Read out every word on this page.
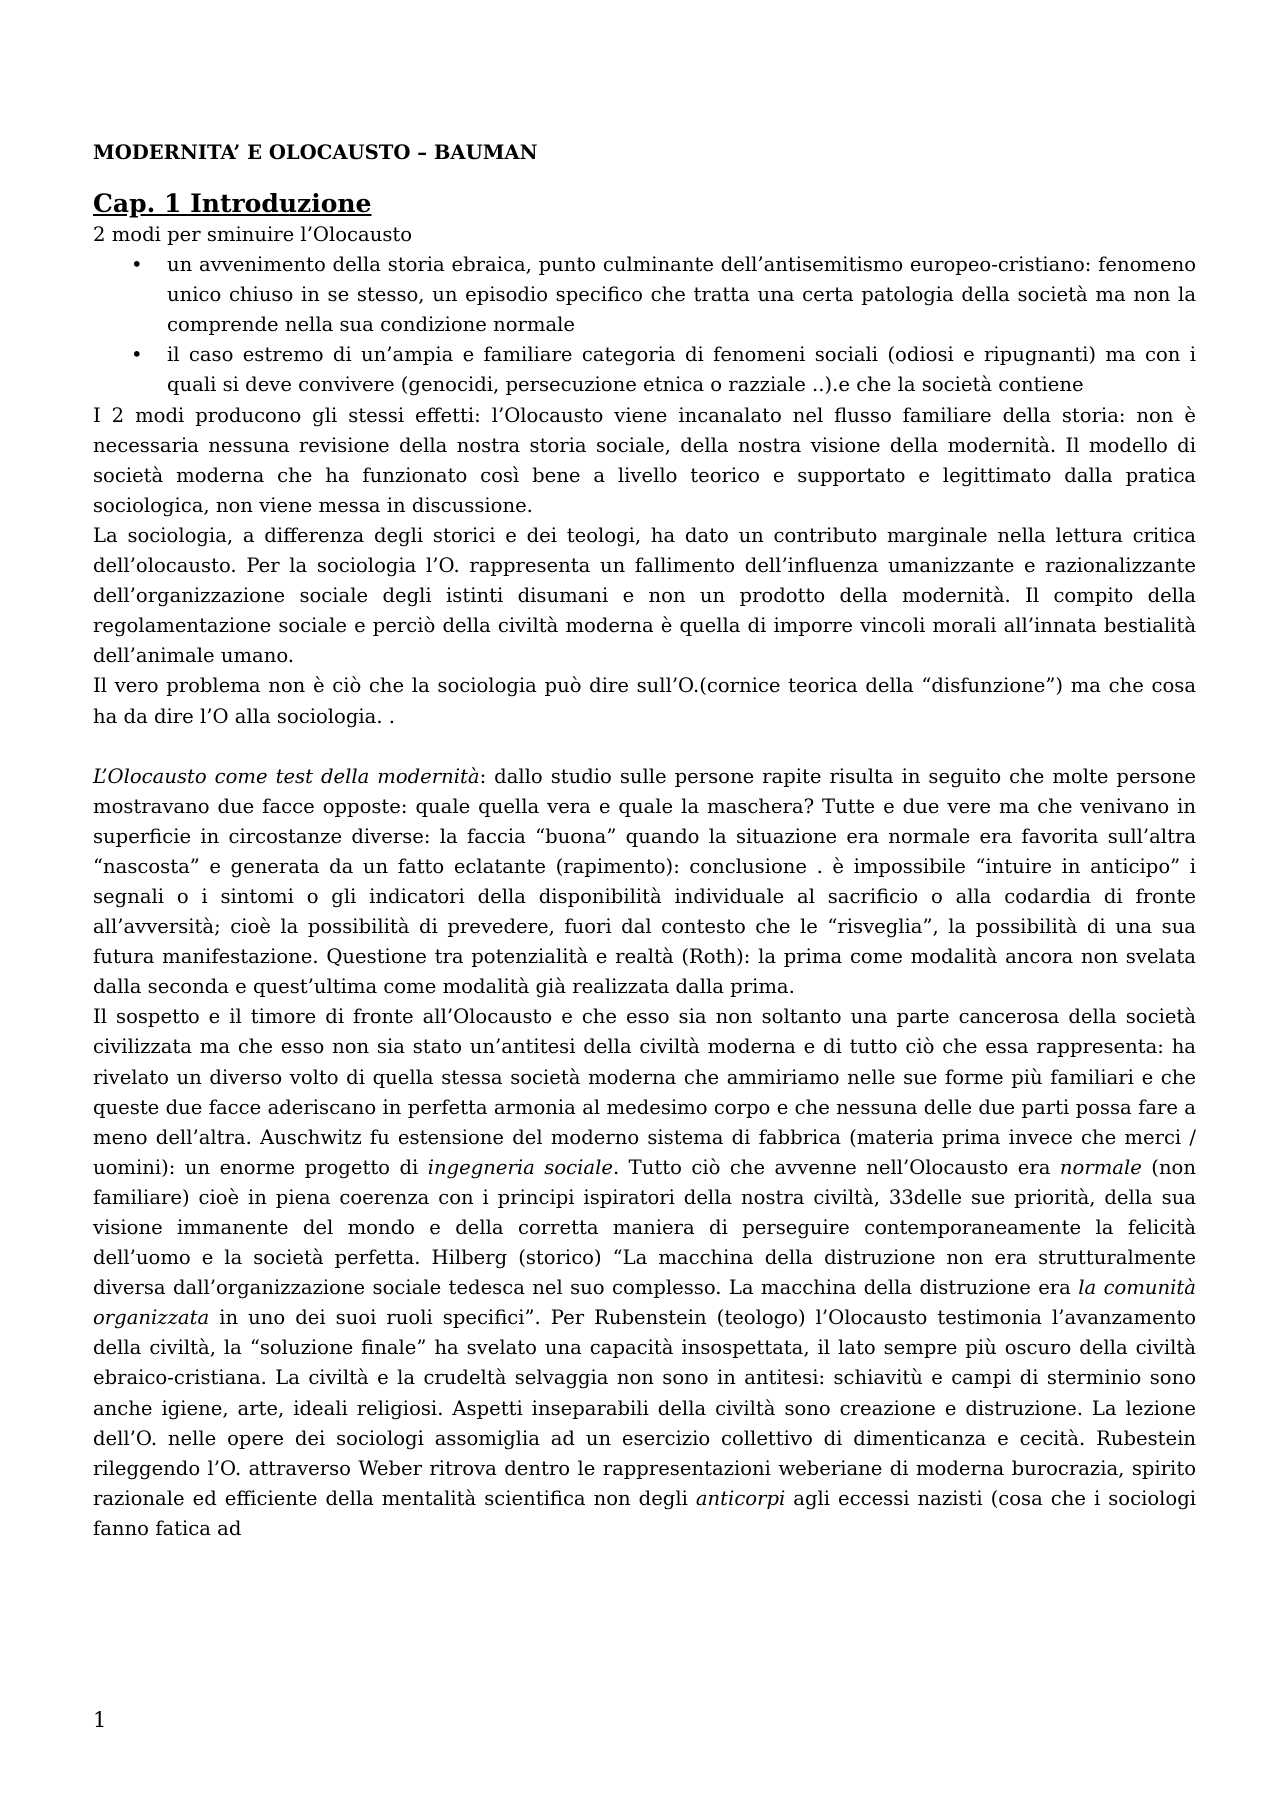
MODERNITA’ E OLOCAUSTO – BAUMAN

Cap. 1 Introduzione

2 modi per sminuire l’Olocausto

• un avvenimento della storia ebraica, punto culminante dell’antisemitismo europeo-cristiano: fenomeno unico chiuso in se stesso, un episodio specifico che tratta una certa patologia della società ma non la comprende nella sua condizione normale
• il caso estremo di un’ampia e familiare categoria di fenomeni sociali (odiosi e ripugnanti) ma con i quali si deve convivere (genocidi, persecuzione etnica o razziale ..).e che la società contiene

I 2 modi producono gli stessi effetti: l’Olocausto viene incanalato nel flusso familiare della storia: non è necessaria nessuna revisione della nostra storia sociale, della nostra visione della modernità. Il modello di società moderna che ha funzionato così bene a livello teorico e supportato e legittimato dalla pratica sociologica, non viene messa in discussione.

La sociologia, a differenza degli storici e dei teologi, ha dato un contributo marginale nella lettura critica dell’olocausto. Per la sociologia l’O. rappresenta un fallimento dell’influenza umanizzante e razionalizzante dell’organizzazione sociale degli istinti disumani e non un prodotto della modernità. Il compito della regolamentazione sociale e perciò della civiltà moderna è quella di imporre vincoli morali all’innata bestialità dell’animale umano.

Il vero problema non è ciò che la sociologia può dire sull’O.(cornice teorica della “disfunzione”) ma che cosa ha da dire l’O alla sociologia. .

L’Olocausto come test della modernità: dallo studio sulle persone rapite risulta in seguito che molte persone mostravano due facce opposte: quale quella vera e quale la maschera? Tutte e due vere ma che venivano in superficie in circostanze diverse: la faccia “buona” quando la situazione era normale era favorita sull’altra “nascosta” e generata da un fatto eclatante (rapimento): conclusione . è impossibile “intuire in anticipo” i segnali o i sintomi o gli indicatori della disponibilità individuale al sacrificio o alla codardia di fronte all’avversità; cioè la possibilità di prevedere, fuori dal contesto che le “risveglia”, la possibilità di una sua futura manifestazione. Questione tra potenzialità e realtà (Roth): la prima come modalità ancora non svelata dalla seconda e quest’ultima come modalità già realizzata dalla prima.

Il sospetto e il timore di fronte all’Olocausto e che esso sia non soltanto una parte cancerosa della società civilizzata ma che esso non sia stato un’antitesi della civiltà moderna e di tutto ciò che essa rappresenta: ha rivelato un diverso volto di quella stessa società moderna che ammiriamo nelle sue forme più familiari e che queste due facce aderiscano in perfetta armonia al medesimo corpo e che nessuna delle due parti possa fare a meno dell’altra. Auschwitz fu estensione del moderno sistema di fabbrica (materia prima invece che merci / uomini): un enorme progetto di ingegneria sociale. Tutto ciò che avvenne nell’Olocausto era normale (non familiare) cioè in piena coerenza con i principi ispiratori della nostra civiltà, 33delle sue priorità, della sua visione immanente del mondo e della corretta maniera di perseguire contemporaneamente la felicità dell’uomo e la società perfetta. Hilberg (storico) “La macchina della distruzione non era strutturalmente diversa dall’organizzazione sociale tedesca nel suo complesso. La macchina della distruzione era la comunità organizzata in uno dei suoi ruoli specifici”. Per Rubenstein (teologo) l’Olocausto testimonia l’avanzamento della civiltà, la “soluzione finale” ha svelato una capacità insospettata, il lato sempre più oscuro della civiltà ebraico-cristiana. La civiltà e la crudeltà selvaggia non sono in antitesi: schiavitù e campi di sterminio sono anche igiene, arte, ideali religiosi. Aspetti inseparabili della civiltà sono creazione e distruzione. La lezione dell’O. nelle opere dei sociologi assomiglia ad un esercizio collettivo di dimenticanza e cecità. Rubestein rileggendo l’O. attraverso Weber ritrova dentro le rappresentazioni weberiane di moderna burocrazia, spirito razionale ed efficiente della mentalità scientifica non degli anticorpi agli eccessi nazisti (cosa che i sociologi fanno fatica ad

1
